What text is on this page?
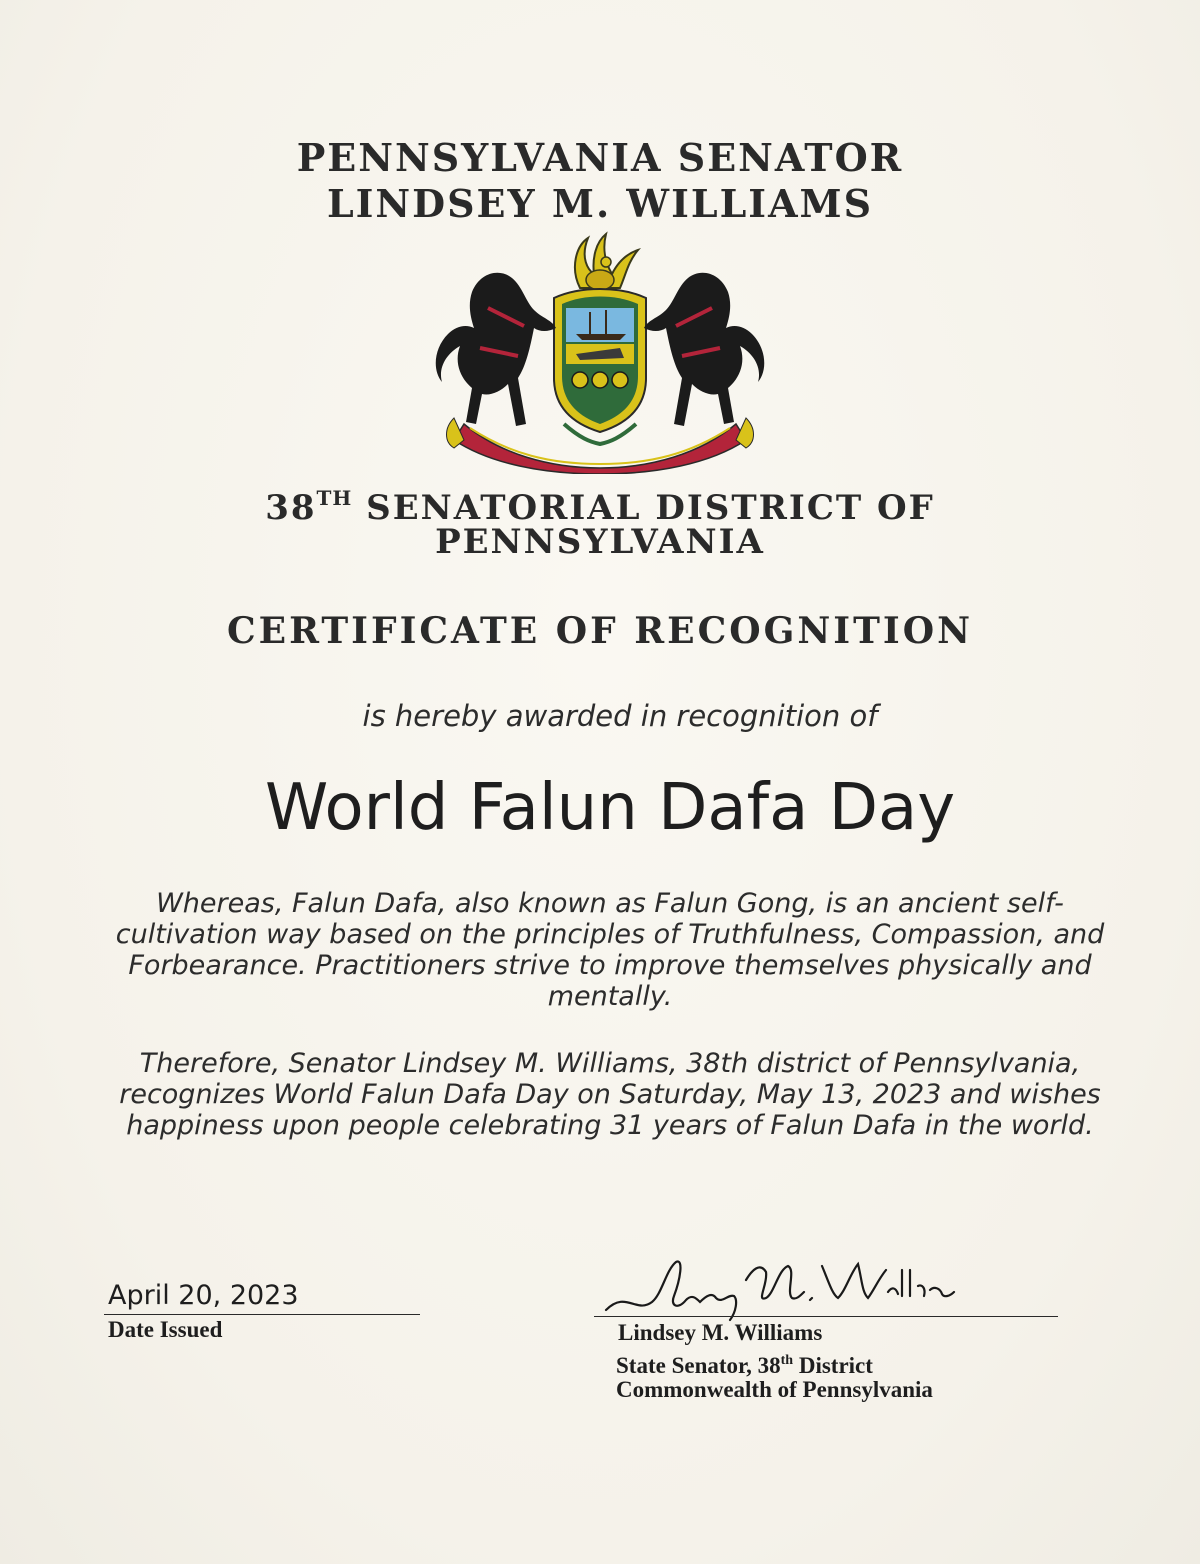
PENNSYLVANIA SENATOR

LINDSEY M. WILLIAMS

38TH SENATORIAL DISTRICT OF

PENNSYLVANIA

CERTIFICATE OF RECOGNITION

is hereby awarded in recognition of

World Falun Dafa Day

Whereas, Falun Dafa, also known as Falun Gong, is an ancient self-cultivation way based on the principles of Truthfulness, Compassion, and Forbearance. Practitioners strive to improve themselves physically and mentally.

Therefore, Senator Lindsey M. Williams, 38th district of Pennsylvania, recognizes World Falun Dafa Day on Saturday, May 13, 2023 and wishes happiness upon people celebrating 31 years of Falun Dafa in the world.

April 20, 2023

Date Issued	Lindsey M. Williams

State Senator, 38th District

Commonwealth of Pennsylvania
